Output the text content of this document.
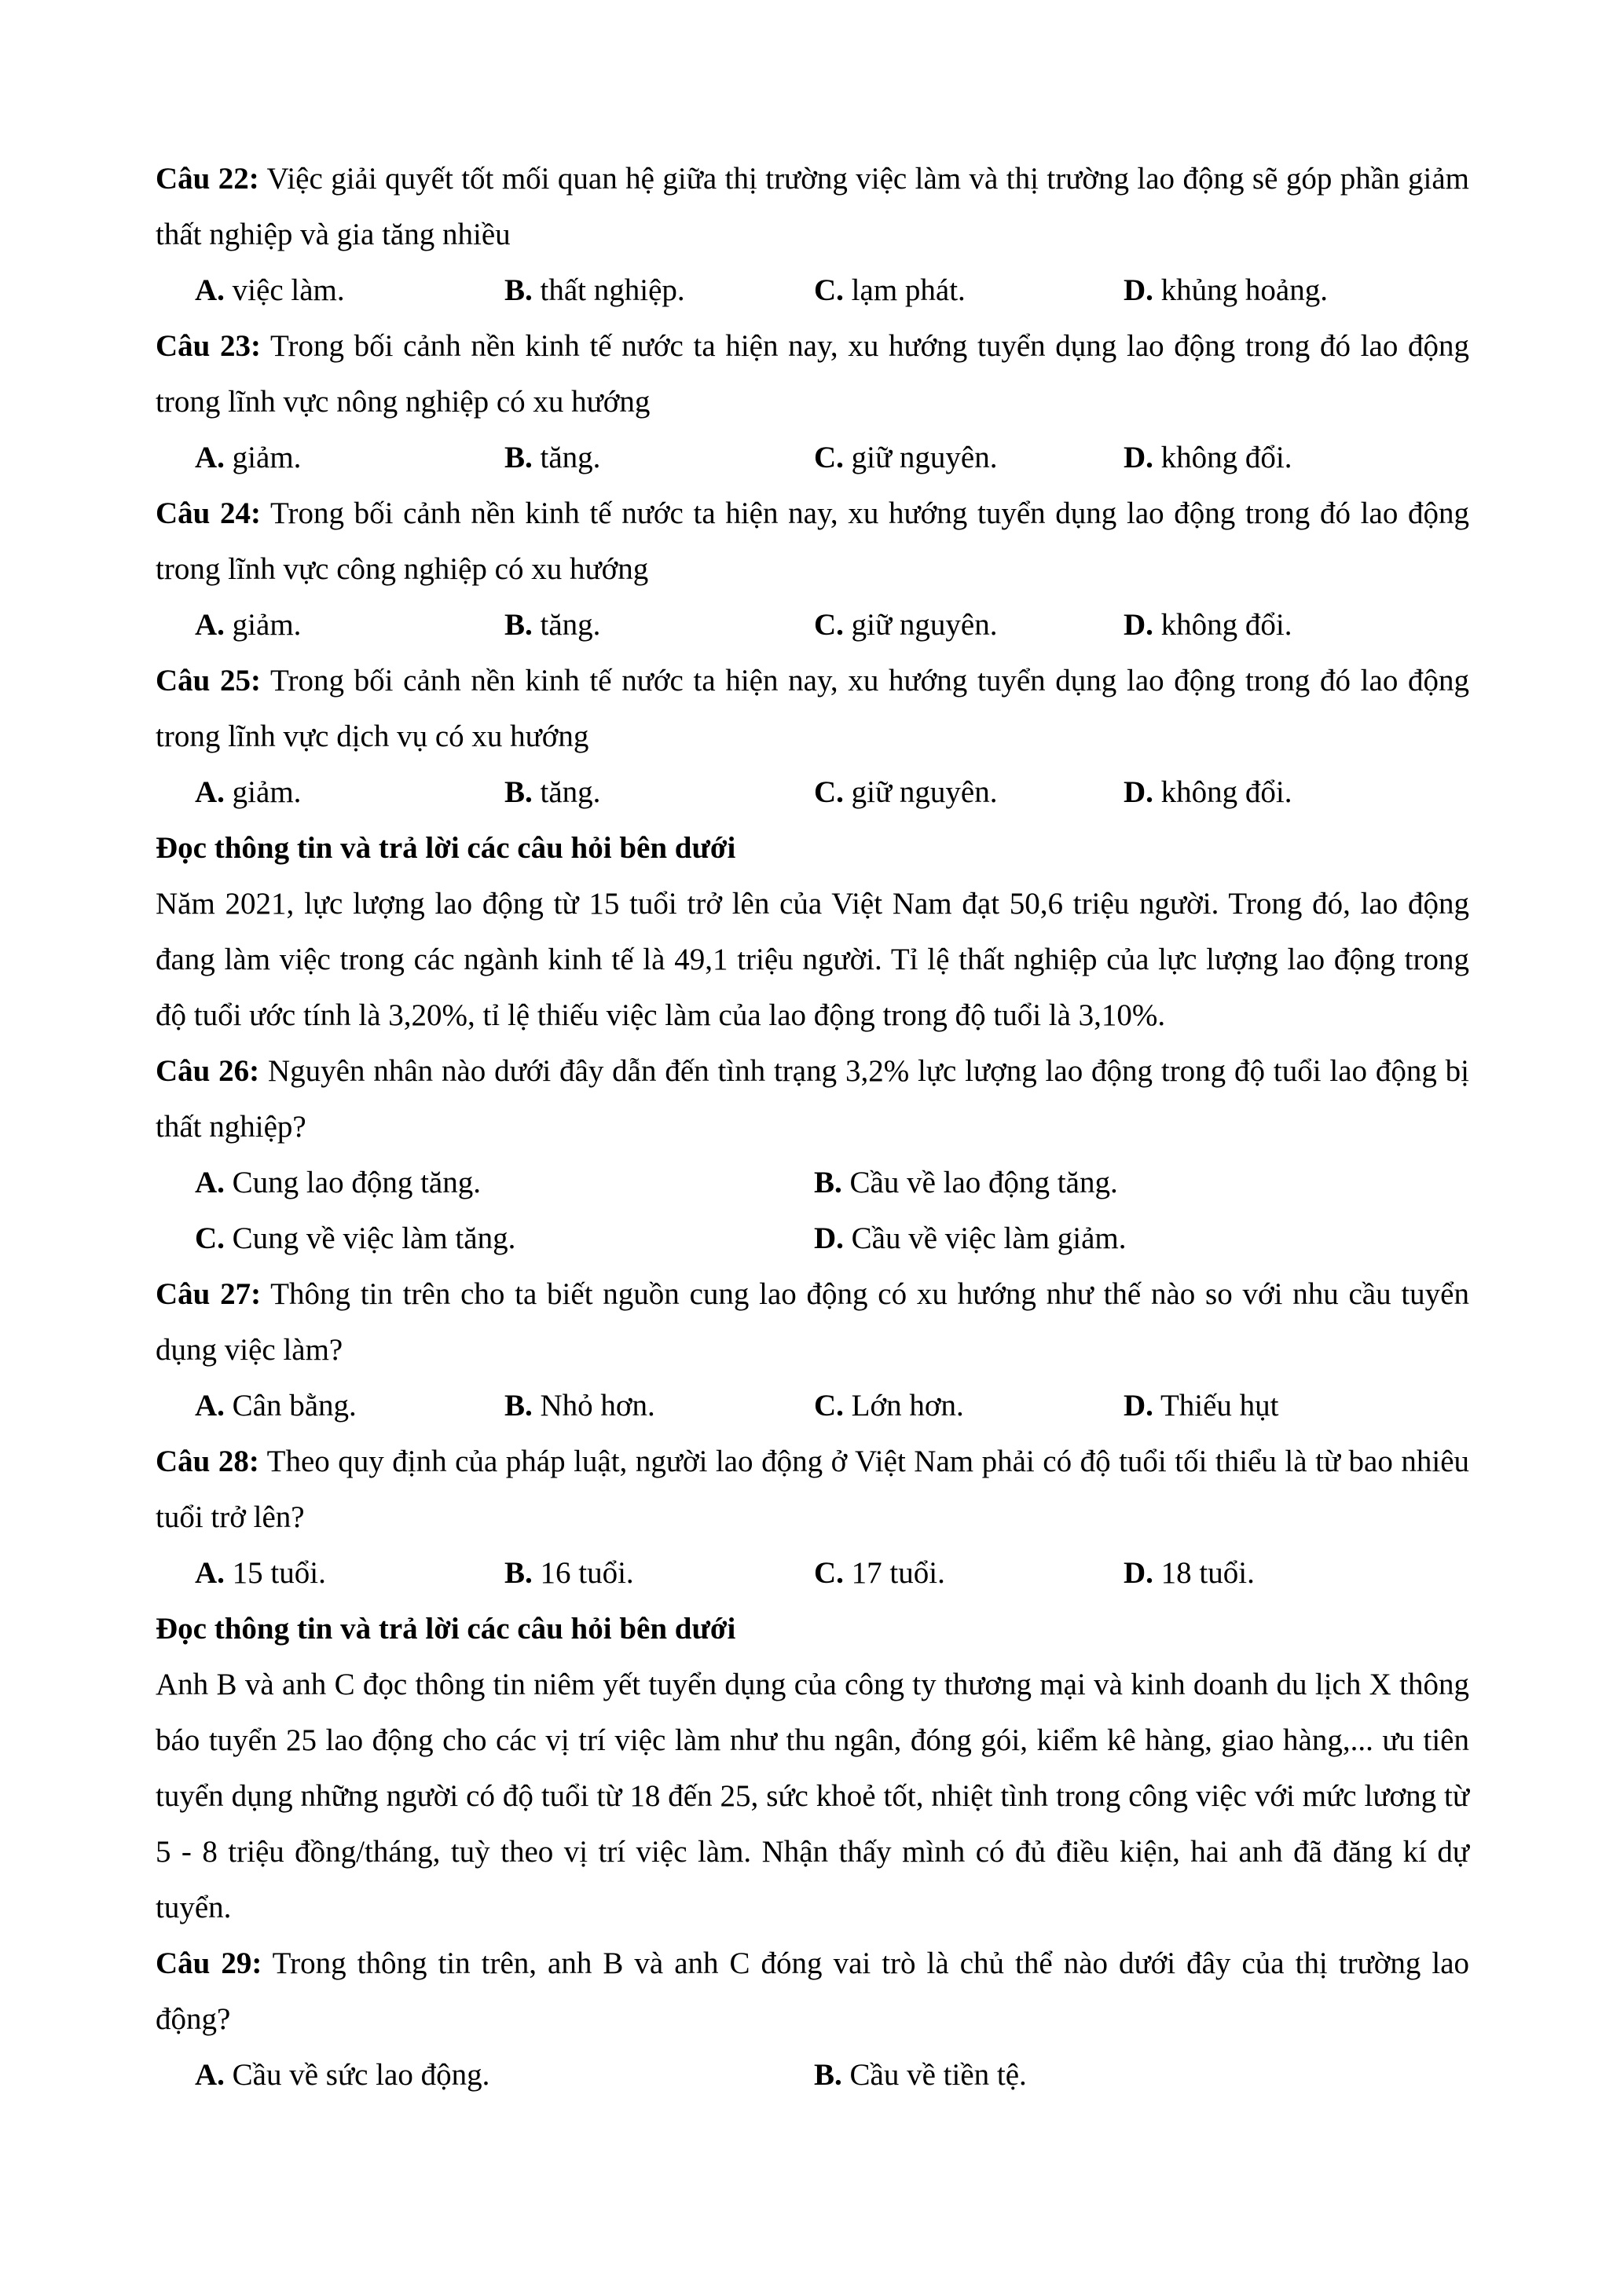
Câu 22: Việc giải quyết tốt mối quan hệ giữa thị trường việc làm và thị trường lao động sẽ góp phần giảm thất nghiệp và gia tăng nhiều

A. việc làm.	B. thất nghiệp.	C. lạm phát.	D. khủng hoảng.

Câu 23: Trong bối cảnh nền kinh tế nước ta hiện nay, xu hướng tuyển dụng lao động trong đó lao động trong lĩnh vực nông nghiệp có xu hướng

A. giảm.	B. tăng.	C. giữ nguyên.	D. không đổi.

Câu 24: Trong bối cảnh nền kinh tế nước ta hiện nay, xu hướng tuyển dụng lao động trong đó lao động trong lĩnh vực công nghiệp có xu hướng

A. giảm.	B. tăng.	C. giữ nguyên.	D. không đổi.

Câu 25: Trong bối cảnh nền kinh tế nước ta hiện nay, xu hướng tuyển dụng lao động trong đó lao động trong lĩnh vực dịch vụ có xu hướng

A. giảm.	B. tăng.	C. giữ nguyên.	D. không đổi.

Đọc thông tin và trả lời các câu hỏi bên dưới

Năm 2021, lực lượng lao động từ 15 tuổi trở lên của Việt Nam đạt 50,6 triệu người. Trong đó, lao động đang làm việc trong các ngành kinh tế là 49,1 triệu người. Tỉ lệ thất nghiệp của lực lượng lao động trong độ tuổi ước tính là 3,20%, tỉ lệ thiếu việc làm của lao động trong độ tuổi là 3,10%.

Câu 26: Nguyên nhân nào dưới đây dẫn đến tình trạng 3,2% lực lượng lao động trong độ tuổi lao động bị thất nghiệp?

A. Cung lao động tăng.	B. Cầu về lao động tăng.
C. Cung về việc làm tăng.	D. Cầu về việc làm giảm.

Câu 27: Thông tin trên cho ta biết nguồn cung lao động có xu hướng như thế nào so với nhu cầu tuyển dụng việc làm?

A. Cân bằng.	B. Nhỏ hơn.	C. Lớn hơn.	D. Thiếu hụt

Câu 28: Theo quy định của pháp luật, người lao động ở Việt Nam phải có độ tuổi tối thiểu là từ bao nhiêu tuổi trở lên?

A. 15 tuổi.	B. 16 tuổi.	C. 17 tuổi.	D. 18 tuổi.

Đọc thông tin và trả lời các câu hỏi bên dưới

Anh B và anh C đọc thông tin niêm yết tuyển dụng của công ty thương mại và kinh doanh du lịch X thông báo tuyển 25 lao động cho các vị trí việc làm như thu ngân, đóng gói, kiểm kê hàng, giao hàng,... ưu tiên tuyển dụng những người có độ tuổi từ 18 đến 25, sức khoẻ tốt, nhiệt tình trong công việc với mức lương từ 5 - 8 triệu đồng/tháng, tuỳ theo vị trí việc làm. Nhận thấy mình có đủ điều kiện, hai anh đã đăng kí dự tuyển.

Câu 29: Trong thông tin trên, anh B và anh C đóng vai trò là chủ thể nào dưới đây của thị trường lao động?

A. Cầu về sức lao động.	B. Cầu về tiền tệ.
